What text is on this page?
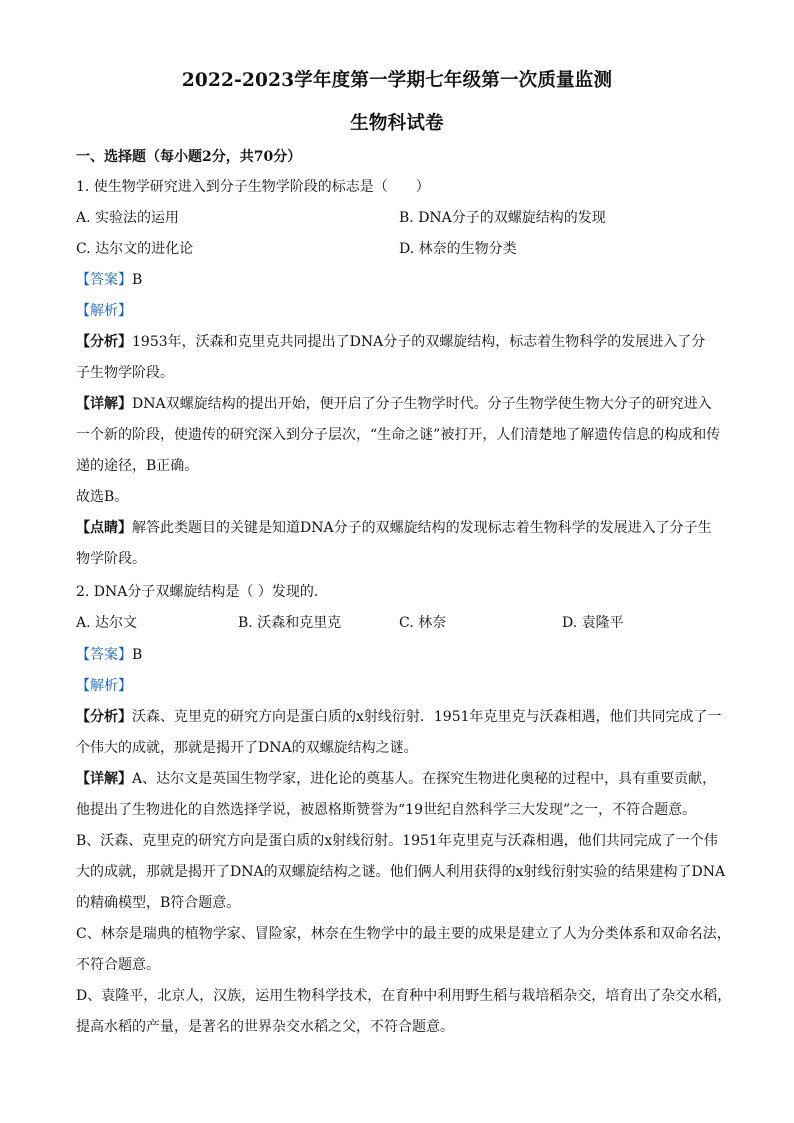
2022-2023学年度第一学期七年级第一次质量监测
生物科试卷
一、选择题（每小题2分，共70分）
1. 使生物学研究进入到分子生物学阶段的标志是（　　）
A. 实验法的运用	B. DNA分子的双螺旋结构的发现
C. 达尔文的进化论	D. 林奈的生物分类
【答案】B
【解析】
【分析】1953年，沃森和克里克共同提出了DNA分子的双螺旋结构，标志着生物科学的发展进入了分
子生物学阶段。
【详解】DNA双螺旋结构的提出开始，便开启了分子生物学时代。分子生物学使生物大分子的研究进入
一个新的阶段，使遗传的研究深入到分子层次，“生命之谜”被打开，人们清楚地了解遗传信息的构成和传
递的途径，B正确。
故选B。
【点睛】解答此类题目的关键是知道DNA分子的双螺旋结构的发现标志着生物科学的发展进入了分子生
物学阶段。
2. DNA分子双螺旋结构是（ ）发现的．
A. 达尔文	B. 沃森和克里克	C. 林奈	D. 袁隆平
【答案】B
【解析】
【分析】沃森、克里克的研究方向是蛋白质的x射线衍射．1951年克里克与沃森相遇，他们共同完成了一
个伟大的成就，那就是揭开了DNA的双螺旋结构之谜。
【详解】A、达尔文是英国生物学家，进化论的奠基人。在探究生物进化奥秘的过程中，具有重要贡献，
他提出了生物进化的自然选择学说，被恩格斯赞誉为“19世纪自然科学三大发现”之一，不符合题意。
B、沃森、克里克的研究方向是蛋白质的x射线衍射。1951年克里克与沃森相遇，他们共同完成了一个伟
大的成就，那就是揭开了DNA的双螺旋结构之谜。他们俩人利用获得的x射线衍射实验的结果建构了DNA
的精确模型，B符合题意。
C、林奈是瑞典的植物学家、冒险家，林奈在生物学中的最主要的成果是建立了人为分类体系和双命名法，
不符合题意。
D、袁隆平，北京人，汉族，运用生物科学技术，在育种中利用野生稻与栽培稻杂交，培育出了杂交水稻，
提高水稻的产量，是著名的世界杂交水稻之父，不符合题意。
